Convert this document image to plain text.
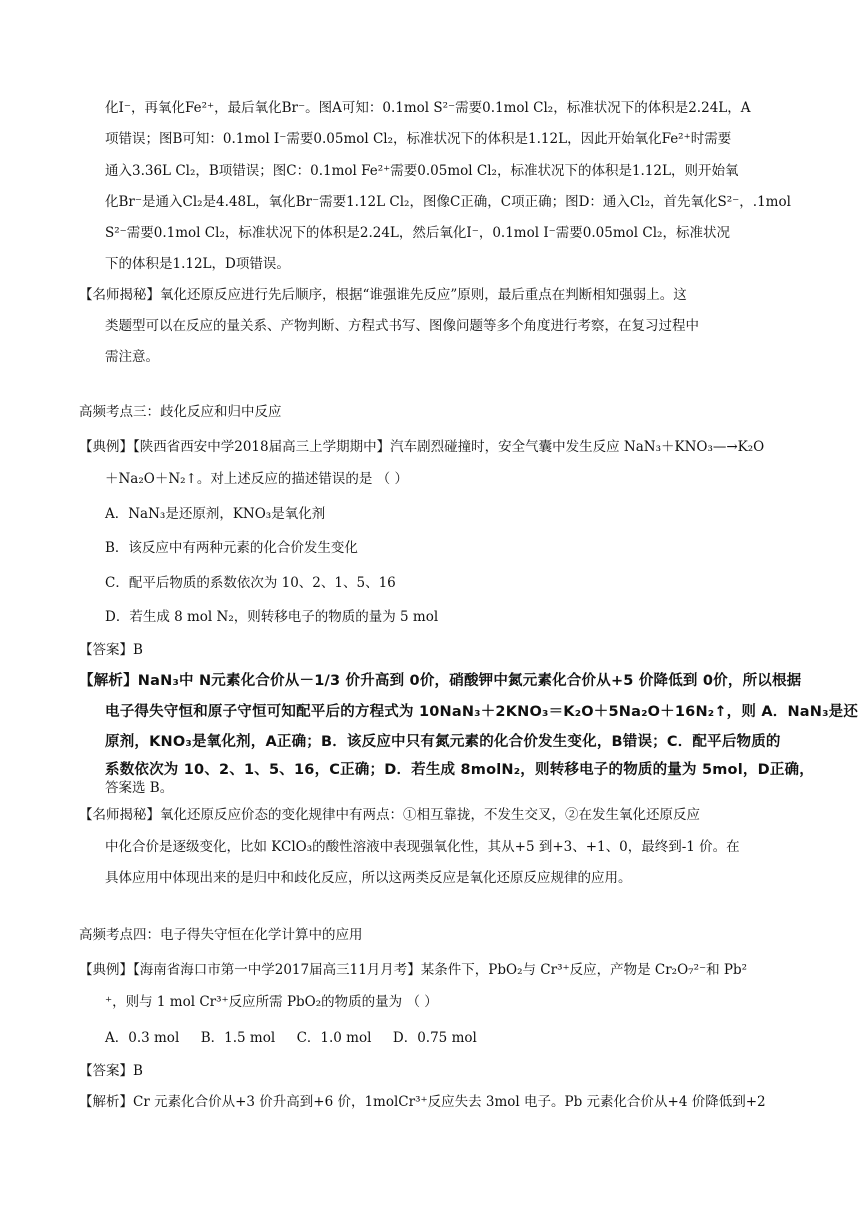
化I⁻，再氧化Fe²⁺，最后氧化Br⁻。图A可知：0.1mol S²⁻需要0.1mol Cl₂，标准状况下的体积是2.24L，A
项错误；图B可知：0.1mol I⁻需要0.05mol Cl₂，标准状况下的体积是1.12L，因此开始氧化Fe²⁺时需要
通入3.36L Cl₂，B项错误；图C：0.1mol Fe²⁺需要0.05mol Cl₂，标准状况下的体积是1.12L，则开始氧
化Br⁻是通入Cl₂是4.48L，氧化Br⁻需要1.12L Cl₂，图像C正确，C项正确；图D：通入Cl₂，首先氧化S²⁻，.1mol
S²⁻需要0.1mol Cl₂，标准状况下的体积是2.24L，然后氧化I⁻，0.1mol I⁻需要0.05mol Cl₂，标准状况
下的体积是1.12L，D项错误。
【名师揭秘】氧化还原反应进行先后顺序，根据“谁强谁先反应”原则，最后重点在判断相知强弱上。这
类题型可以在反应的量关系、产物判断、方程式书写、图像问题等多个角度进行考察，在复习过程中
需注意。
高频考点三：歧化反应和归中反应
【典例】【陕西省西安中学2018届高三上学期期中】汽车剧烈碰撞时，安全气囊中发生反应 NaN₃＋KNO₃—→K₂O
＋Na₂O＋N₂↑。对上述反应的描述错误的是 （ ）
A．NaN₃是还原剂，KNO₃是氧化剂
B．该反应中有两种元素的化合价发生变化
C．配平后物质的系数依次为 10、2、1、5、16
D．若生成 8 mol N₂，则转移电子的物质的量为 5 mol
【答案】B
【解析】NaN₃中 N元素化合价从－1/3 价升高到 0价，硝酸钾中氮元素化合价从+5 价降低到 0价，所以根据
电子得失守恒和原子守恒可知配平后的方程式为 10NaN₃＋2KNO₃＝K₂O＋5Na₂O＋16N₂↑，则 A．NaN₃是还
原剂，KNO₃是氧化剂，A正确；B．该反应中只有氮元素的化合价发生变化，B错误；C．配平后物质的
系数依次为 10、2、1、5、16，C正确；D．若生成 8molN₂，则转移电子的物质的量为 5mol，D正确，
答案选 B。
【名师揭秘】氧化还原反应价态的变化规律中有两点：①相互靠拢，不发生交叉，②在发生氧化还原反应
中化合价是逐级变化，比如 KClO₃的酸性溶液中表现强氧化性，其从+5 到+3、+1、0，最终到-1 价。在
具体应用中体现出来的是归中和歧化反应，所以这两类反应是氧化还原反应规律的应用。
高频考点四：电子得失守恒在化学计算中的应用
【典例】【海南省海口市第一中学2017届高三11月月考】某条件下，PbO₂与 Cr³⁺反应，产物是 Cr₂O₇²⁻和 Pb²
⁺，则与 1 mol Cr³⁺反应所需 PbO₂的物质的量为 （ ）
A．0.3 mol     B．1.5 mol     C．1.0 mol     D．0.75 mol
【答案】B
【解析】Cr 元素化合价从+3 价升高到+6 价，1molCr³⁺反应失去 3mol 电子。Pb 元素化合价从+4 价降低到+2
